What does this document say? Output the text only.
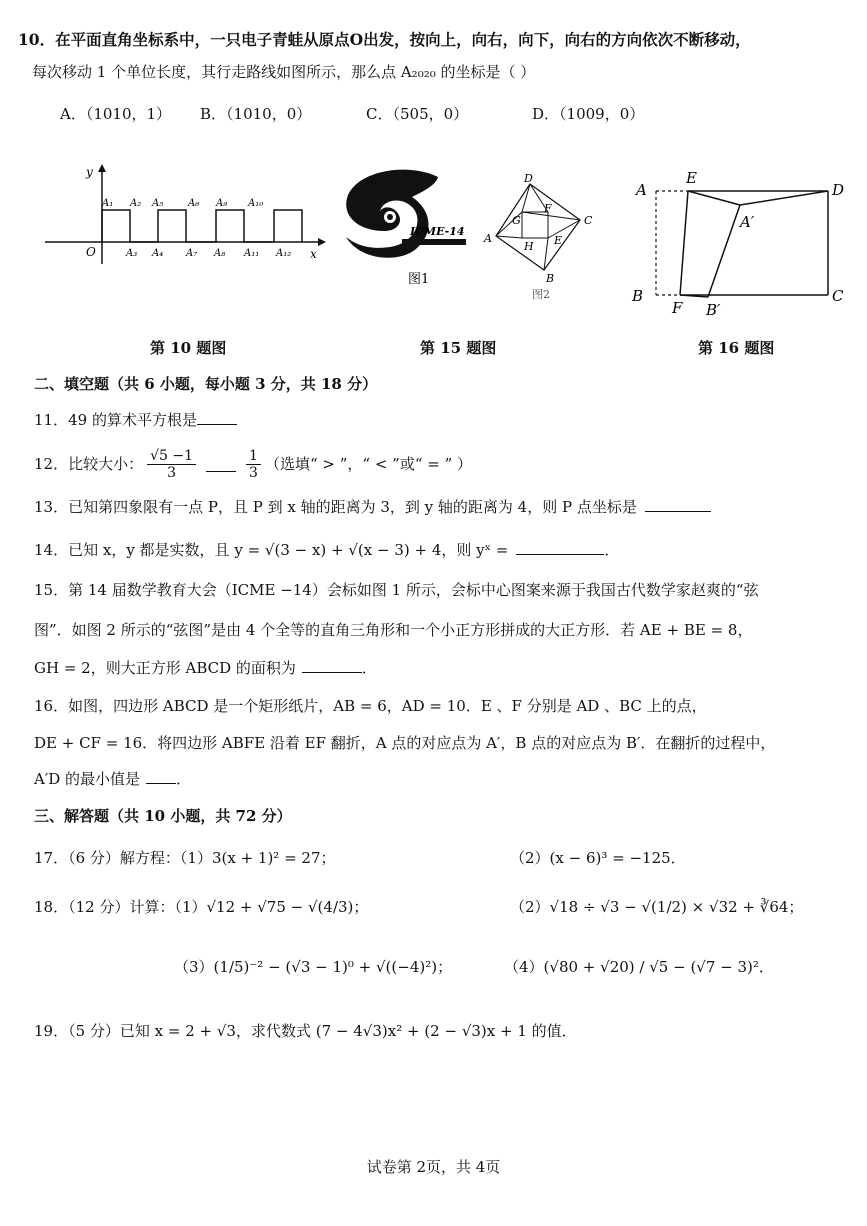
10．在平面直角坐标系中，一只电子青蛙从原点O出发，按向上，向右，向下，向右的方向依次不断移动，
每次移动 1 个单位长度，其行走路线如图所示，那么点 A₂₀₂₀ 的坐标是（ ）
A．（1010，1） B．（1010，0）	C．（505，0）	D．（1009，0）
y
x
O
A₁ A₂ A₅ A₆ A₉ A₁₀
A₃ A₄ A₇ A₈ A₁₁ A₁₂
ICME-14
图1
D
G
F
C
A
H E
B
图2
A
E
D
A′
B
F B′
C
第 10 题图	第 15 题图	第 16 题图
二、填空题（共 6 小题，每小题 3 分，共 18 分）
11．49 的算术平方根是
12．比较大小： $\frac{√5 -1}{3}$	$\frac{1}{3}$ （选填“ > ”，“ < ”或“ = ” ）
13．已知第四象限有一点 P，且 P 到 x 轴的距离为 3，到 y 轴的距离为 4，则 P 点坐标是
14．已知 x，y 都是实数，且 y = √(3 − x) + √(x − 3) + 4，则 yˣ =	．
15．第 14 届数学教育大会（ICME −14）会标如图 1 所示，会标中心图案来源于我国古代数学家赵爽的“弦
图”．如图 2 所示的“弦图”是由 4 个全等的直角三角形和一个小正方形拼成的大正方形．若 AE + BE = 8，
GH = 2，则大正方形 ABCD 的面积为	．
16．如图，四边形 ABCD 是一个矩形纸片，AB = 6，AD = 10．E 、F 分别是 AD 、BC 上的点，
DE + CF = 16．将四边形 ABFE 沿着 EF 翻折，A 点的对应点为 A′，B 点的对应点为 B′．在翻折的过程中，
A′D 的最小值是 ．
三、解答题（共 10 小题，共 72 分）
17．（6 分）解方程：（1）3(x + 1)² = 27；	（2）(x − 6)³ = −125．
18．（12 分）计算：（1）√12 + √75 − √(4/3)；	（2）√18 ÷ √3 − √(1/2) × √32 + ∛64；
（3）(1/5)⁻² − (√3 − 1)⁰ + √((−4)²)；	（4）(√80 + √20) / √5 − (√7 − 3)²．
19．（5 分）已知 x = 2 + √3，求代数式 (7 − 4√3)x² + (2 − √3)x + 1 的值．
试卷第 2页，共 4页
